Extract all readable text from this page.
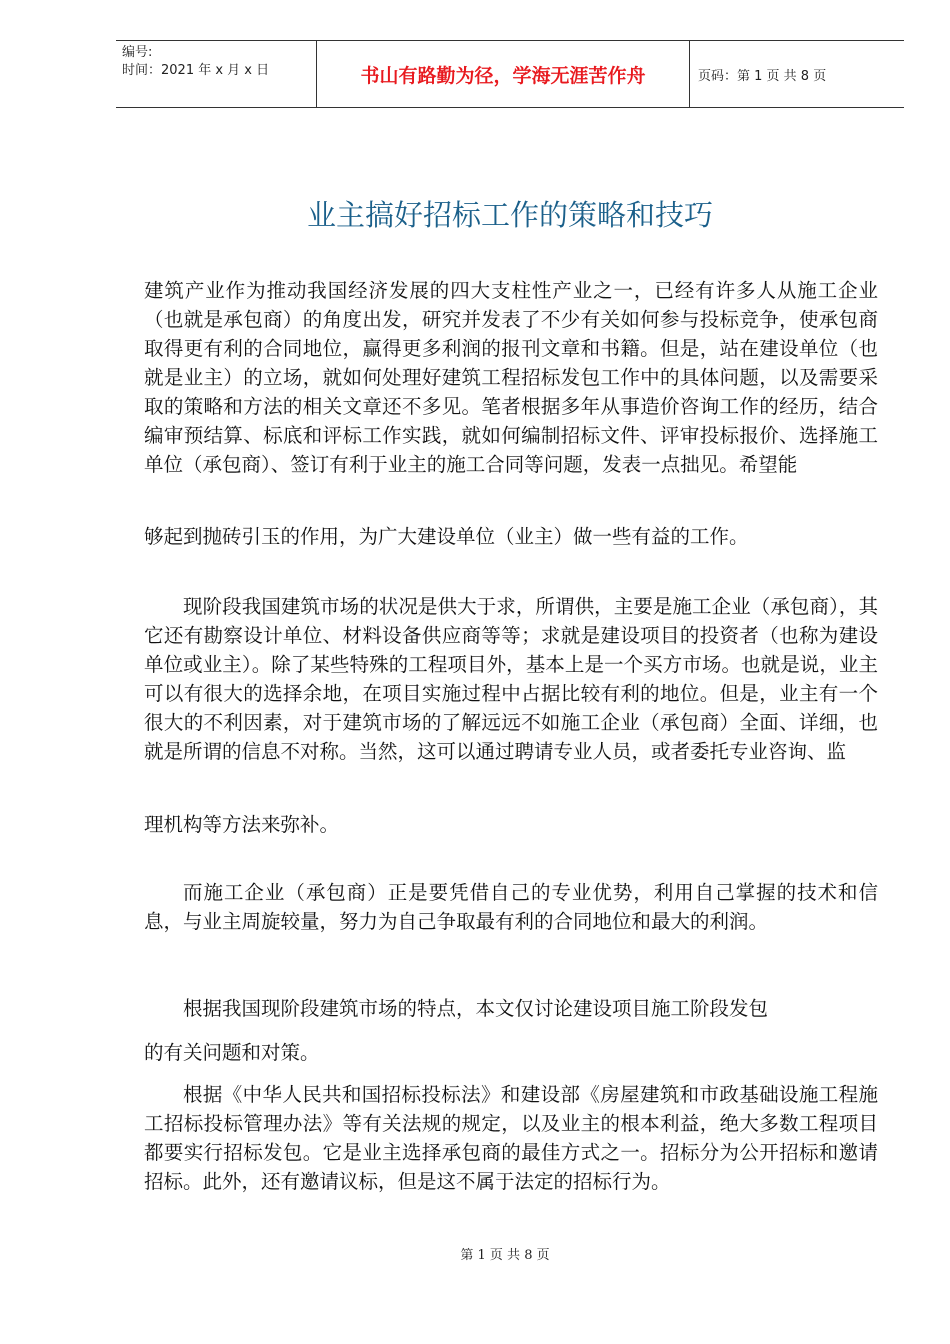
编号:
时间：2021 年 x 月 x 日	书山有路勤为径，学海无涯苦作舟	页码：第 1 页 共 8 页
业主搞好招标工作的策略和技巧

建筑产业作为推动我国经济发展的四大支柱性产业之一，已经有许多人从施工企业（也就是承包商）的角度出发，研究并发表了不少有关如何参与投标竞争，使承包商取得更有利的合同地位，赢得更多利润的报刊文章和书籍。但是，站在建设单位（也就是业主）的立场，就如何处理好建筑工程招标发包工作中的具体问题，以及需要采取的策略和方法的相关文章还不多见。笔者根据多年从事造价咨询工作的经历，结合编审预结算、标底和评标工作实践，就如何编制招标文件、评审投标报价、选择施工单位（承包商）、签订有利于业主的施工合同等问题，发表一点拙见。希望能

够起到抛砖引玉的作用，为广大建设单位（业主）做一些有益的工作。

现阶段我国建筑市场的状况是供大于求，所谓供，主要是施工企业（承包商），其它还有勘察设计单位、材料设备供应商等等；求就是建设项目的投资者（也称为建设单位或业主）。除了某些特殊的工程项目外，基本上是一个买方市场。也就是说，业主可以有很大的选择余地，在项目实施过程中占据比较有利的地位。但是，业主有一个很大的不利因素，对于建筑市场的了解远远不如施工企业（承包商）全面、详细，也就是所谓的信息不对称。当然，这可以通过聘请专业人员，或者委托专业咨询、监

理机构等方法来弥补。

而施工企业（承包商）正是要凭借自己的专业优势，利用自己掌握的技术和信息，与业主周旋较量，努力为自己争取最有利的合同地位和最大的利润。

根据我国现阶段建筑市场的特点，本文仅讨论建设项目施工阶段发包

的有关问题和对策。

根据《中华人民共和国招标投标法》和建设部《房屋建筑和市政基础设施工程施工招标投标管理办法》等有关法规的规定，以及业主的根本利益，绝大多数工程项目都要实行招标发包。它是业主选择承包商的最佳方式之一。招标分为公开招标和邀请招标。此外，还有邀请议标，但是这不属于法定的招标行为。

第 1 页 共 8 页
